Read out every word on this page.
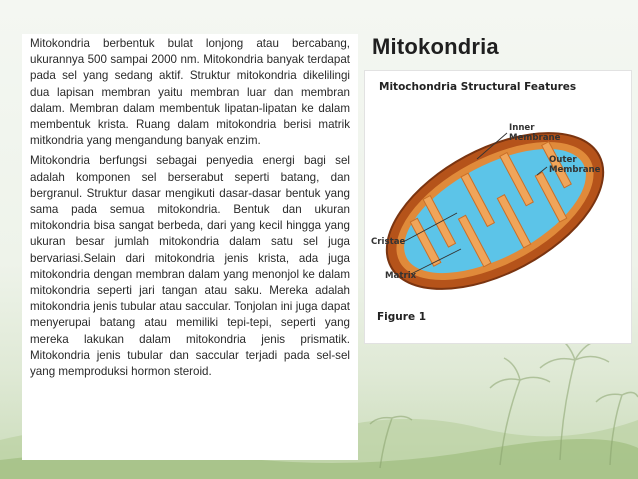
Mitokondria berbentuk bulat lonjong atau bercabang, ukurannya 500 sampai 2000 nm. Mitokondria banyak terdapat pada sel yang sedang aktif. Struktur mitokondria dikelilingi dua lapisan membran yaitu membran luar dan membran dalam. Membran dalam membentuk lipatan-lipatan ke dalam membentuk krista. Ruang dalam mitokondria berisi matrik mitkondria yang mengandung banyak enzim.

Mitokondria berfungsi sebagai penyedia energi bagi sel adalah komponen sel berserabut seperti batang, dan bergranul. Struktur dasar mengikuti dasar-dasar bentuk yang sama pada semua mitokondria. Bentuk dan ukuran mitokondria bisa sangat berbeda, dari yang kecil hingga yang ukuran besar jumlah mitokondria dalam satu sel juga bervariasi.Selain dari mitokondria jenis krista, ada juga mitokondria dengan membran dalam yang menonjol ke dalam mitokondria seperti jari tangan atau saku. Mereka adalah mitokondria jenis tubular atau saccular. Tonjolan ini juga dapat menyerupai batang atau memiliki tepi-tepi, seperti yang mereka lakukan dalam mitokondria jenis prismatik. Mitokondria jenis tubular dan saccular terjadi pada sel-sel yang memproduksi hormon steroid.

Mitokondria
Mitochondria Structural Features
Inner
Membrane
Outer
Membrane
Cristae
Matrix
Figure 1
